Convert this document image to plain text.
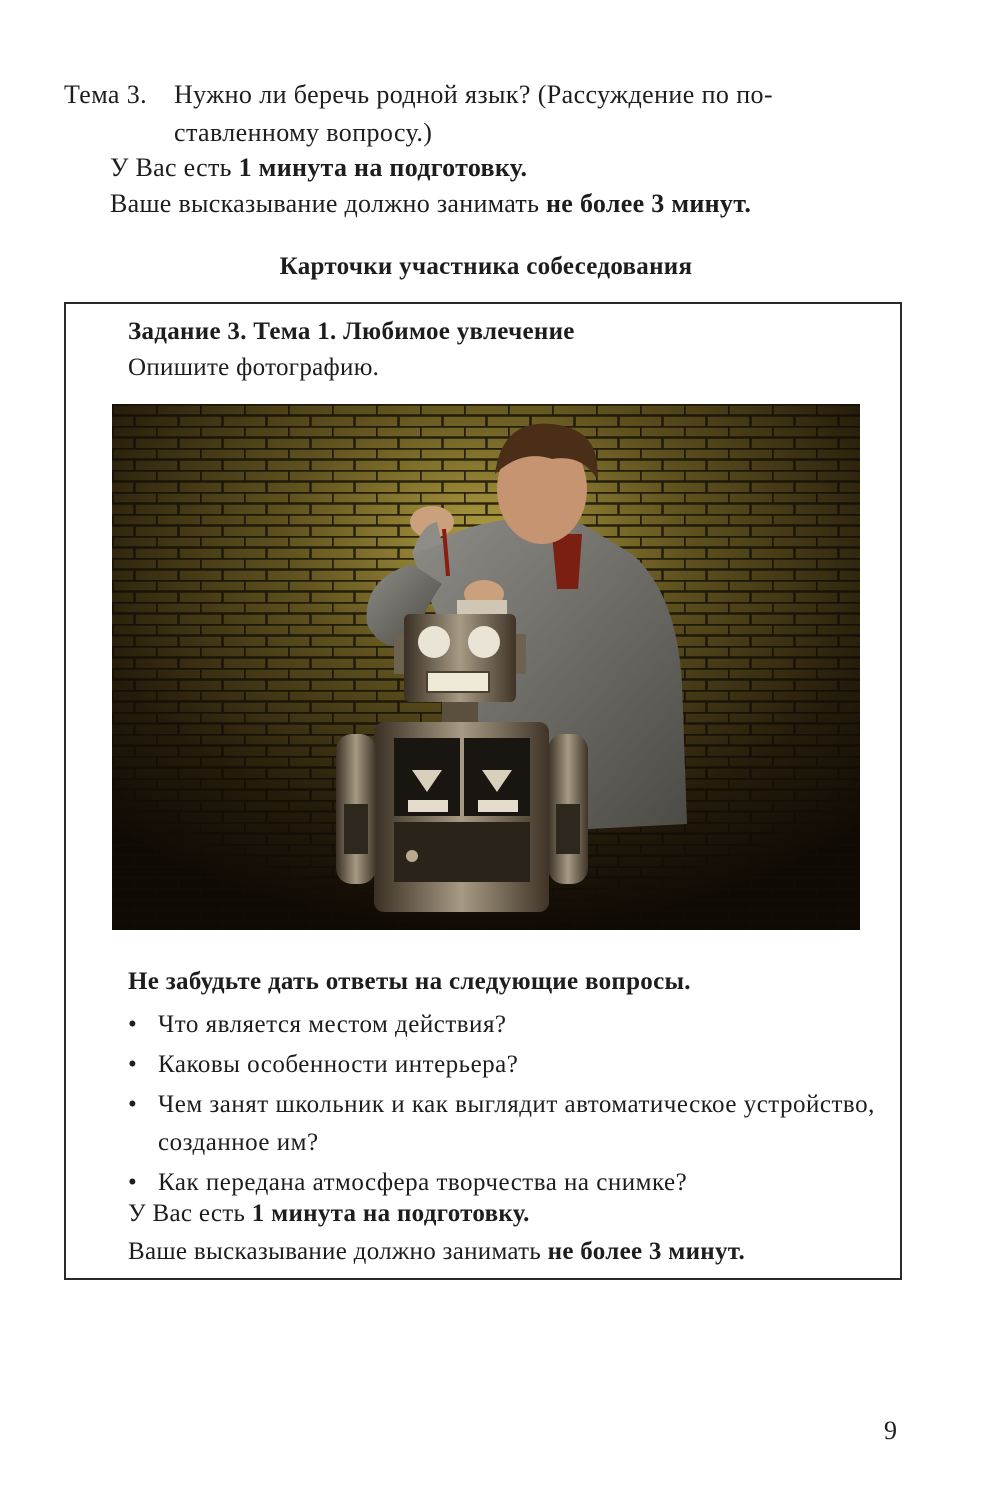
Тема 3. Нужно ли беречь родной язык? (Рассуждение по по-
ставленному вопросу.)
У Вас есть 1 минута на подготовку.
Ваше высказывание должно занимать не более 3 минут.
Карточки участника собеседования
Задание 3. Тема 1. Любимое увлечение
Опишите фотографию.
Не забудьте дать ответы на следующие вопросы.
• Что является местом действия?
• Каковы особенности интерьера?
• Чем занят школьник и как выглядит автоматическое устройство, созданное им?
• Как передана атмосфера творчества на снимке?
У Вас есть 1 минута на подготовку.
Ваше высказывание должно занимать не более 3 минут.
9
